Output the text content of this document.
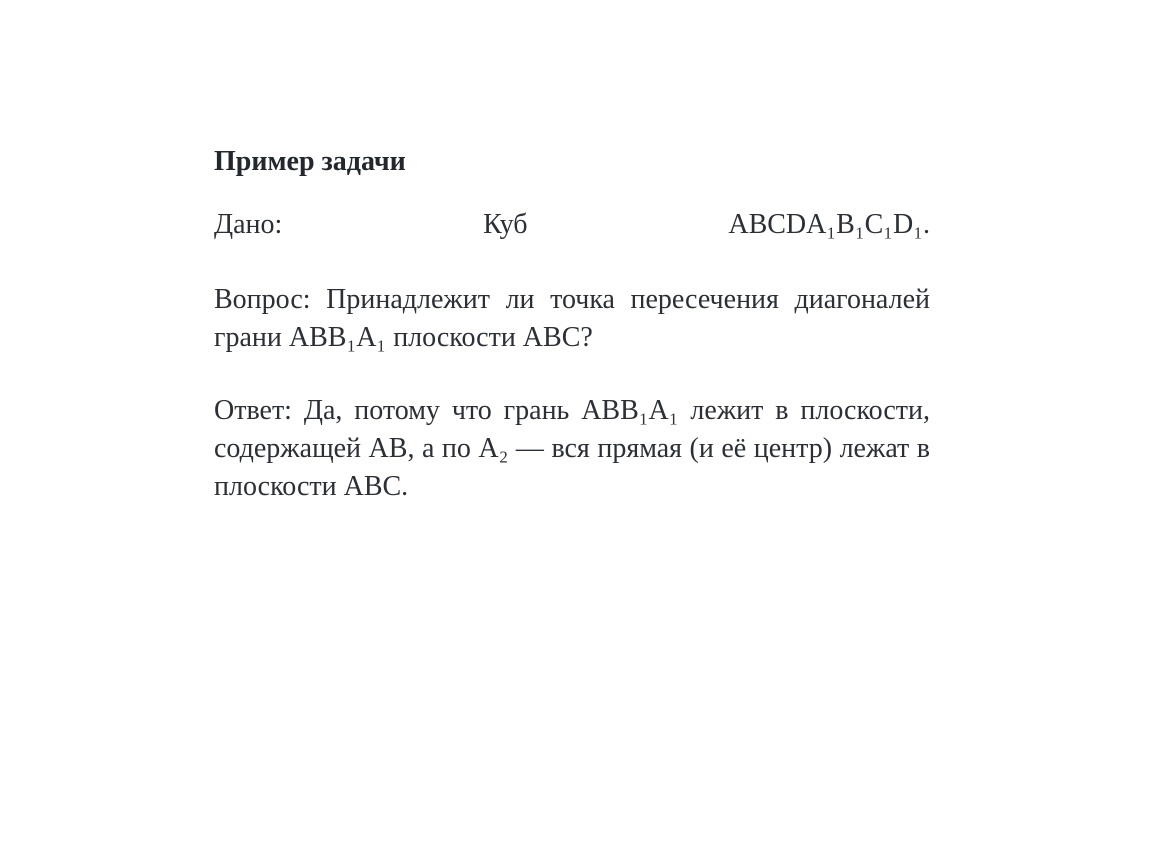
Пример задачи
Дано: Куб ABCDA₁B₁C₁D₁.
Вопрос: Принадлежит ли точка пересечения диагоналей грани ABB₁A₁ плоскости ABC?
Ответ: Да, потому что грань ABB₁A₁ лежит в плоскости, содержащей AB, а по A₂ — вся прямая (и её центр) лежат в плоскости ABC.
